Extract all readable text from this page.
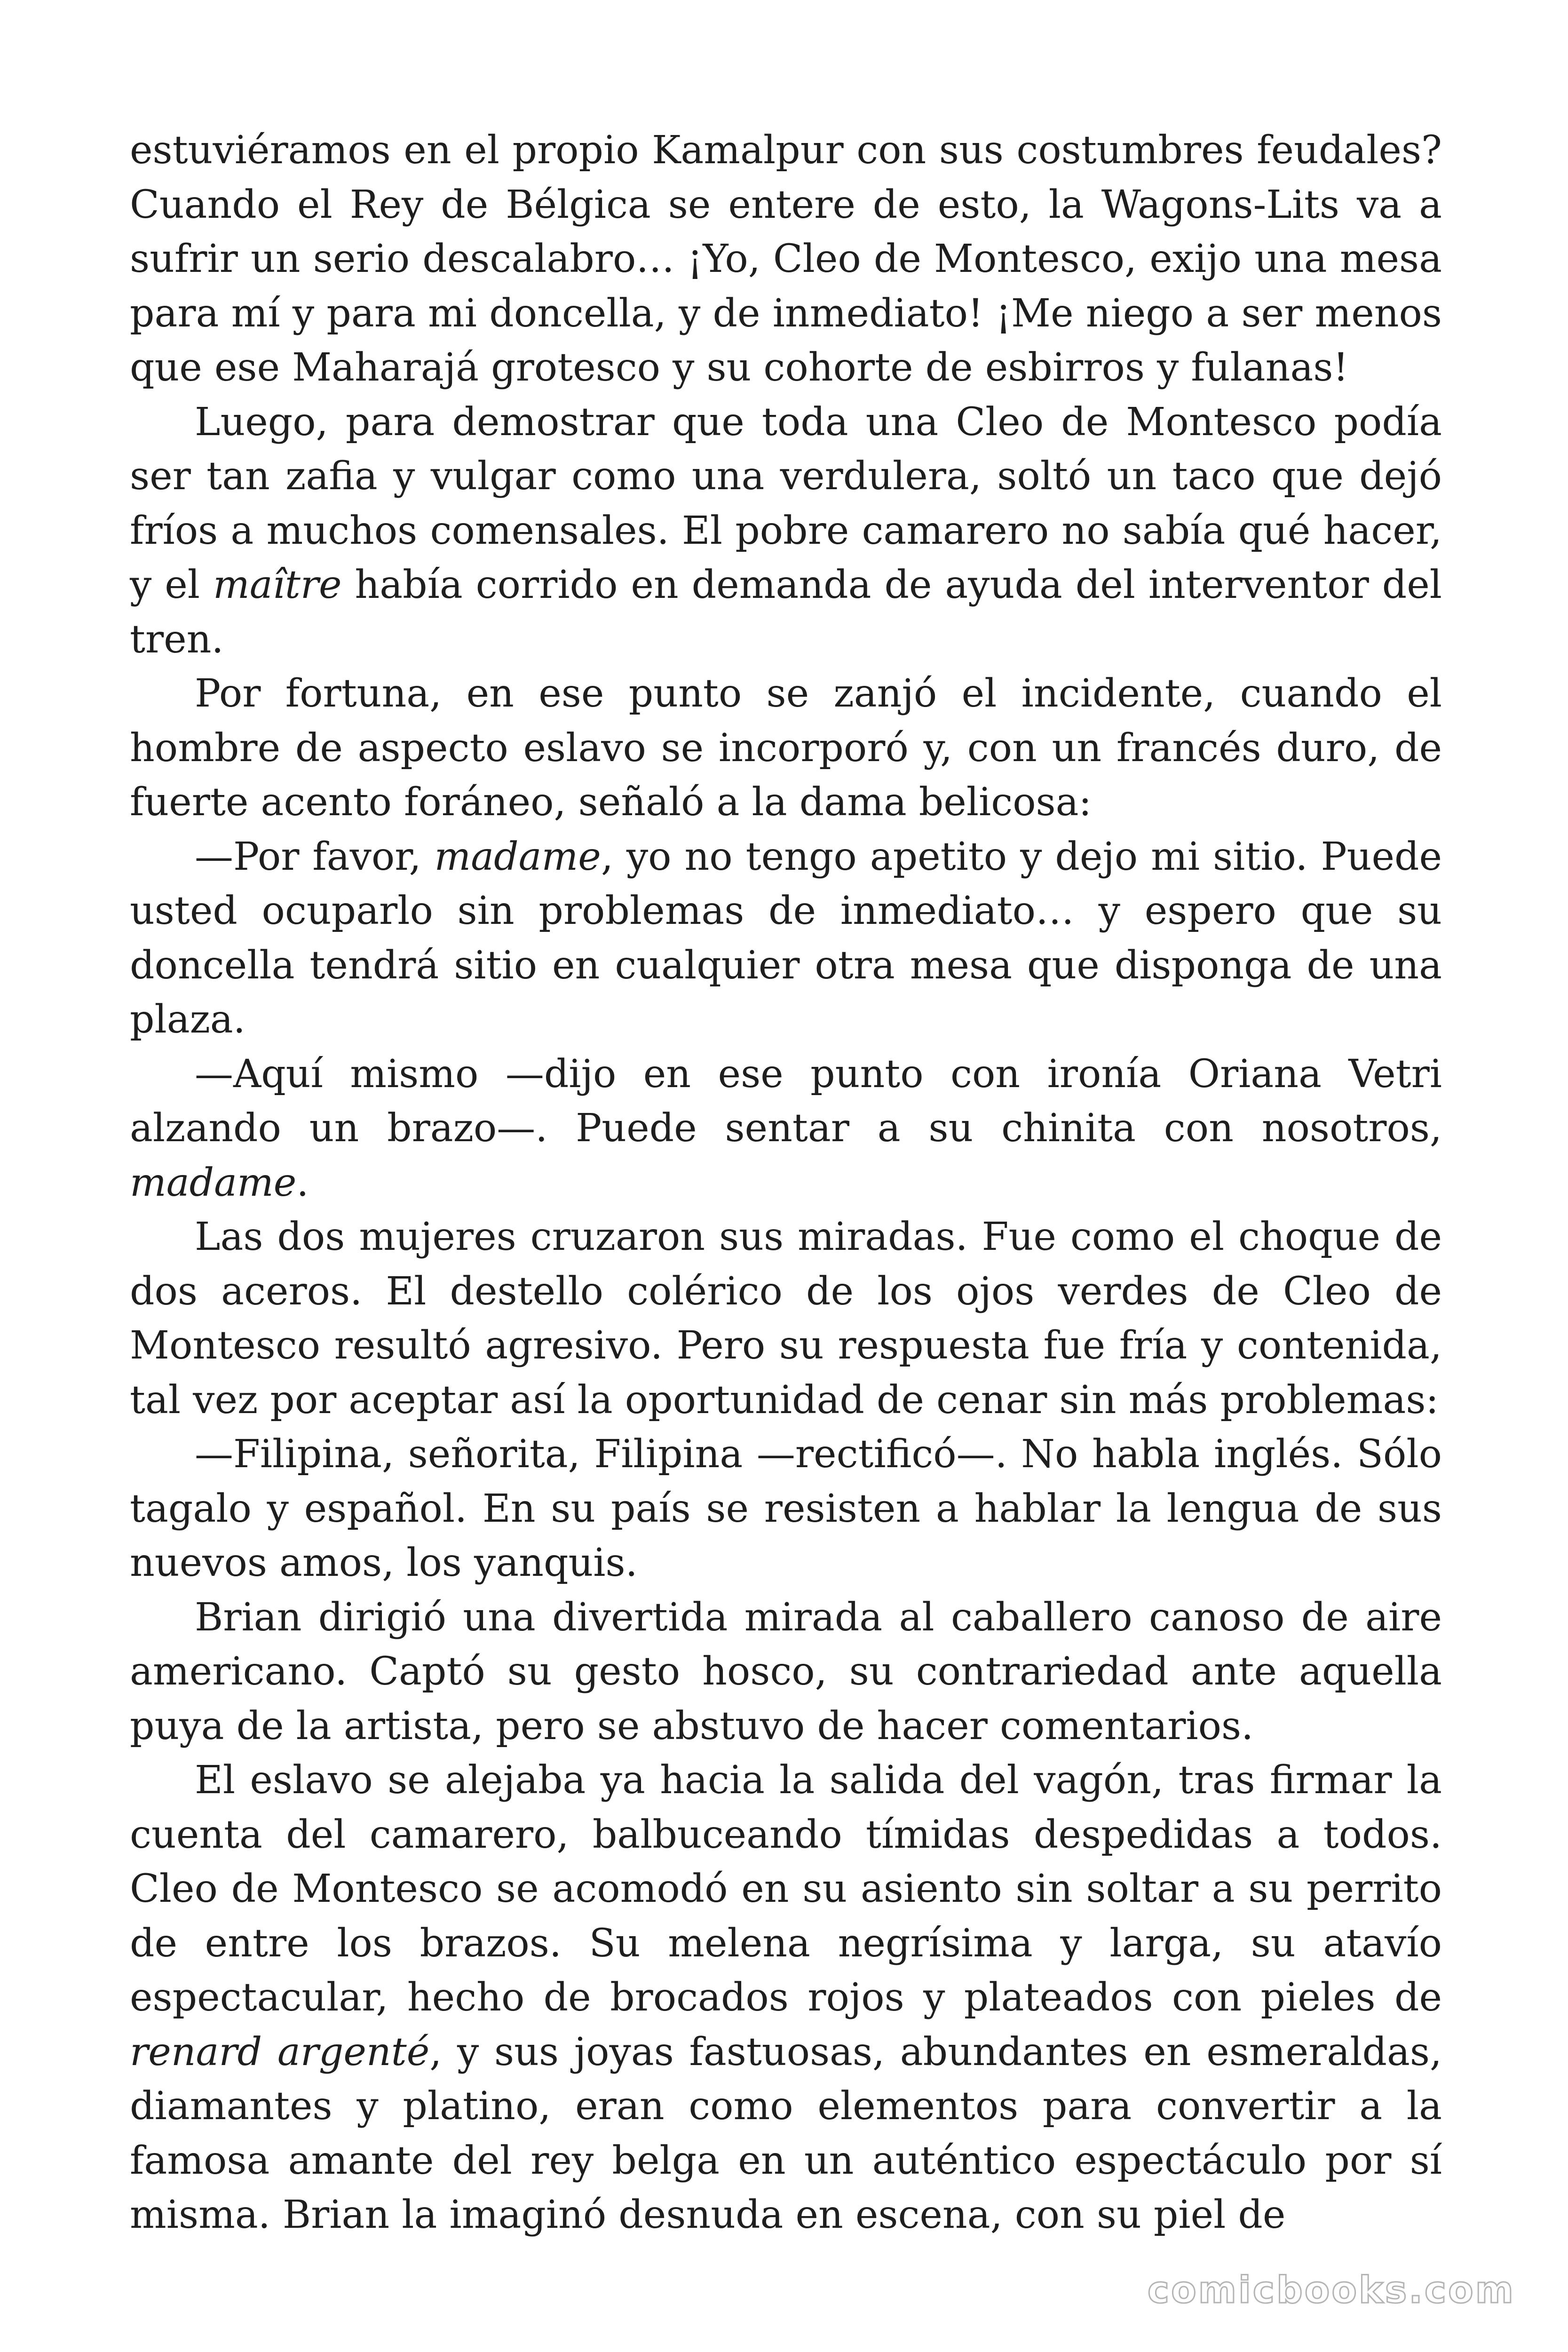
estuviéramos en el propio Kamalpur con sus costumbres feudales? Cuando el Rey de Bélgica se entere de esto, la Wagons-Lits va a sufrir un serio descalabro… ¡Yo, Cleo de Montesco, exijo una mesa para mí y para mi doncella, y de inmediato! ¡Me niego a ser menos que ese Maharajá grotesco y su cohorte de esbirros y fulanas!

Luego, para demostrar que toda una Cleo de Montesco podía ser tan zafia y vulgar como una verdulera, soltó un taco que dejó fríos a muchos comensales. El pobre camarero no sabía qué hacer, y el maître había corrido en demanda de ayuda del interventor del tren.

Por fortuna, en ese punto se zanjó el incidente, cuando el hombre de aspecto eslavo se incorporó y, con un francés duro, de fuerte acento foráneo, señaló a la dama belicosa:

—Por favor, madame, yo no tengo apetito y dejo mi sitio. Puede usted ocuparlo sin problemas de inmediato… y espero que su doncella tendrá sitio en cualquier otra mesa que disponga de una plaza.

—Aquí mismo —dijo en ese punto con ironía Oriana Vetri alzando un brazo—. Puede sentar a su chinita con nosotros, madame.

Las dos mujeres cruzaron sus miradas. Fue como el choque de dos aceros. El destello colérico de los ojos verdes de Cleo de Montesco resultó agresivo. Pero su respuesta fue fría y contenida, tal vez por aceptar así la oportunidad de cenar sin más problemas:

—Filipina, señorita, Filipina —rectificó—. No habla inglés. Sólo tagalo y español. En su país se resisten a hablar la lengua de sus nuevos amos, los yanquis.

Brian dirigió una divertida mirada al caballero canoso de aire americano. Captó su gesto hosco, su contrariedad ante aquella puya de la artista, pero se abstuvo de hacer comentarios.

El eslavo se alejaba ya hacia la salida del vagón, tras firmar la cuenta del camarero, balbuceando tímidas despedidas a todos. Cleo de Montesco se acomodó en su asiento sin soltar a su perrito de entre los brazos. Su melena negrísima y larga, su atavío espectacular, hecho de brocados rojos y plateados con pieles de renard argenté, y sus joyas fastuosas, abundantes en esmeraldas, diamantes y platino, eran como elementos para convertir a la famosa amante del rey belga en un auténtico espectáculo por sí misma. Brian la imaginó desnuda en escena, con su piel de

comicbooks.com
